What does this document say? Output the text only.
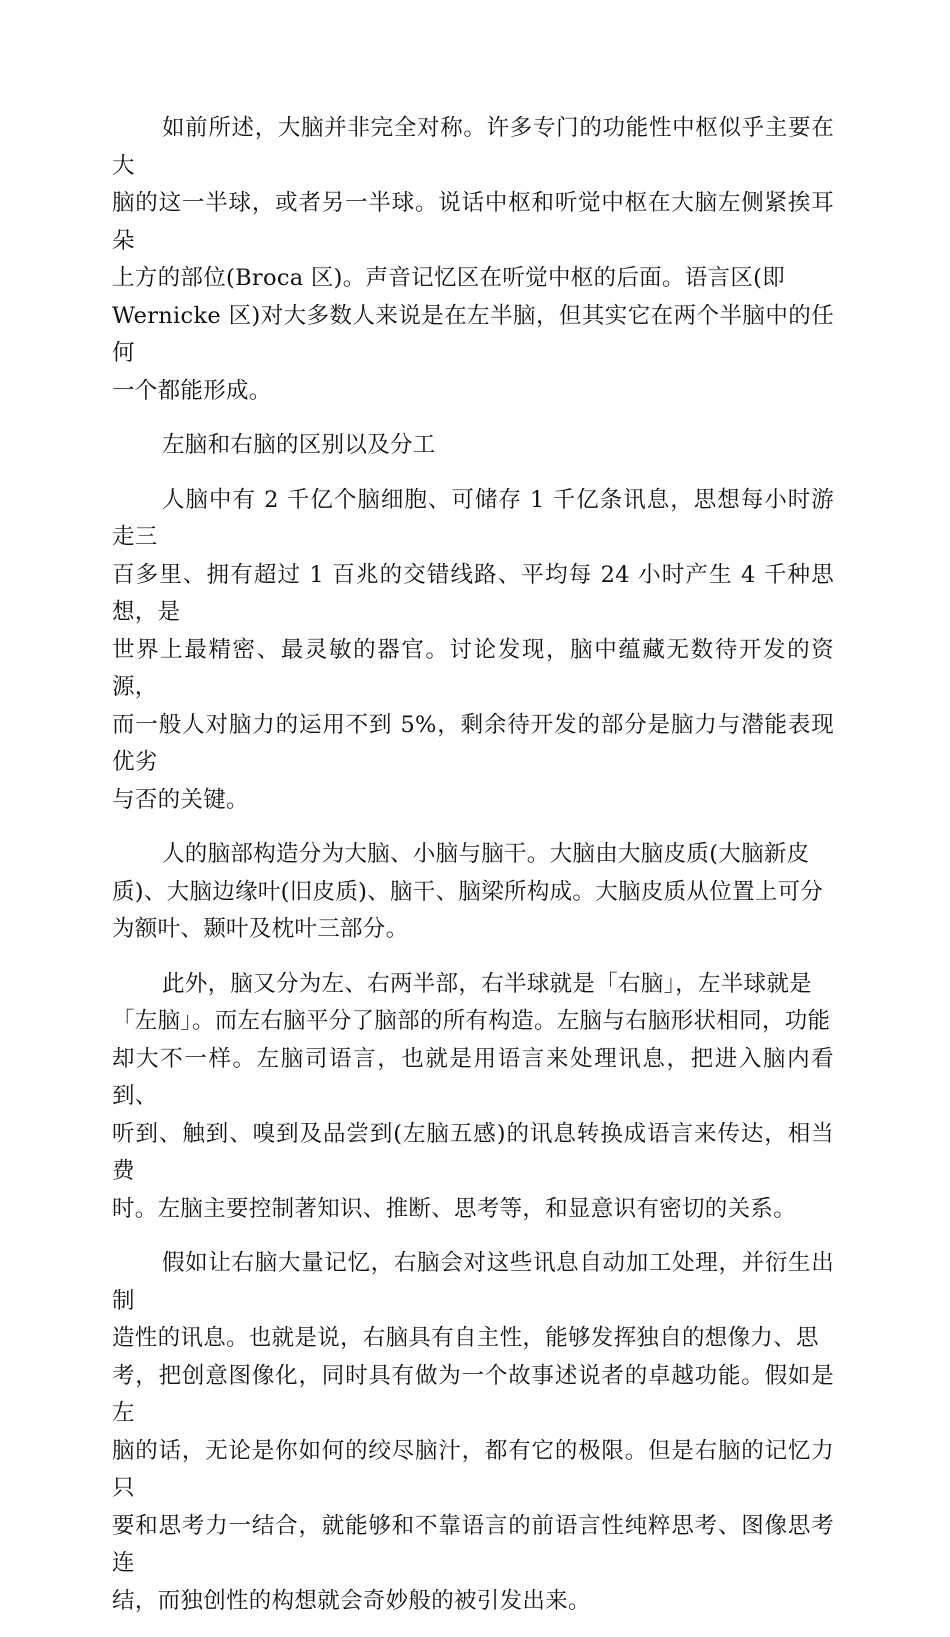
如前所述，大脑并非完全对称。许多专门的功能性中枢似乎主要在大
脑的这一半球，或者另一半球。说话中枢和听觉中枢在大脑左侧紧挨耳朵
上方的部位(Broca 区)。声音记忆区在听觉中枢的后面。语言区(即
Wernicke 区)对大多数人来说是在左半脑，但其实它在两个半脑中的任何
一个都能形成。

左脑和右脑的区别以及分工

人脑中有 2 千亿个脑细胞、可储存 1 千亿条讯息，思想每小时游走三
百多里、拥有超过 1 百兆的交错线路、平均每 24 小时产生 4 千种思想，是
世界上最精密、最灵敏的器官。讨论发现，脑中蕴藏无数待开发的资源，
而一般人对脑力的运用不到 5%，剩余待开发的部分是脑力与潜能表现优劣
与否的关键。

人的脑部构造分为大脑、小脑与脑干。大脑由大脑皮质(大脑新皮
质)、大脑边缘叶(旧皮质)、脑干、脑梁所构成。大脑皮质从位置上可分
为额叶、颞叶及枕叶三部分。

此外，脑又分为左、右两半部，右半球就是「右脑」，左半球就是
「左脑」。而左右脑平分了脑部的所有构造。左脑与右脑形状相同，功能
却大不一样。左脑司语言，也就是用语言来处理讯息，把进入脑内看到、
听到、触到、嗅到及品尝到(左脑五感)的讯息转换成语言来传达，相当费
时。左脑主要控制著知识、推断、思考等，和显意识有密切的关系。

假如让右脑大量记忆，右脑会对这些讯息自动加工处理，并衍生出制
造性的讯息。也就是说，右脑具有自主性，能够发挥独自的想像力、思
考，把创意图像化，同时具有做为一个故事述说者的卓越功能。假如是左
脑的话，无论是你如何的绞尽脑汁，都有它的极限。但是右脑的记忆力只
要和思考力一结合，就能够和不靠语言的前语言性纯粹思考、图像思考连
结，而独创性的构想就会奇妙般的被引发出来。
